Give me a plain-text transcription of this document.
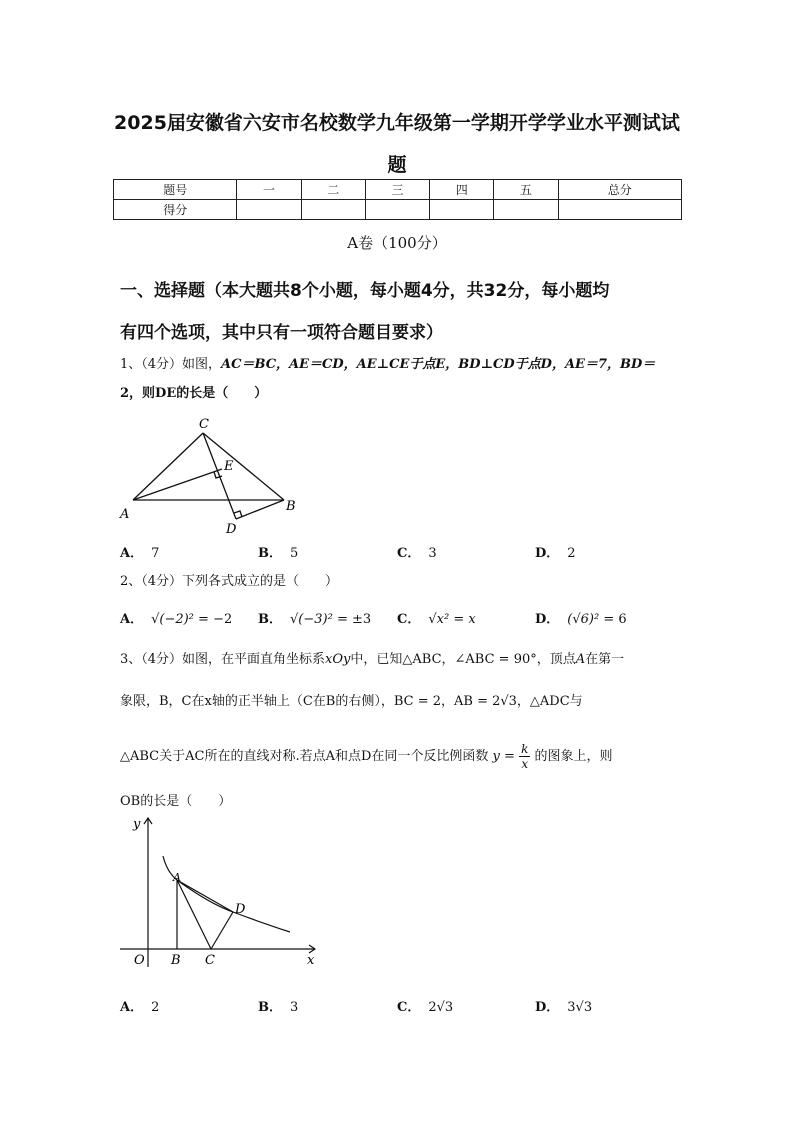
2025届安徽省六安市名校数学九年级第一学期开学学业水平测试试
题
题号	一	二	三	四	五	总分
得分						
A卷（100分）
一、选择题（本大题共8个小题，每小题4分，共32分，每小题均
有四个选项，其中只有一项符合题目要求）
1、（4分）如图，AC＝BC，AE＝CD，AE⊥CE于点E，BD⊥CD于点D，AE＝7，BD＝
2，则DE的长是（　　）
C
E
A
B
D
A． 7	B． 5	C． 3	D． 2
2、（4分）下列各式成立的是（　　）
A． √(−2)² = −2 B． √(−3)² = ±3 C． √x² = x	D． (√6)² = 6
3、（4分）如图，在平面直角坐标系xOy中，已知△ABC，∠ABC = 90°，顶点A在第一
象限，B，C在x轴的正半轴上（C在B的右侧），BC = 2，AB = 2√3，△ADC与
△ABC关于AC所在的直线对称.若点A和点D在同一个反比例函数 $y = \frac{k}{x}$ 的图象上，则
OB的长是（　　）
y
x
O
A
B C
D
A． 2	B． 3	C． 2√3	D． 3√3
